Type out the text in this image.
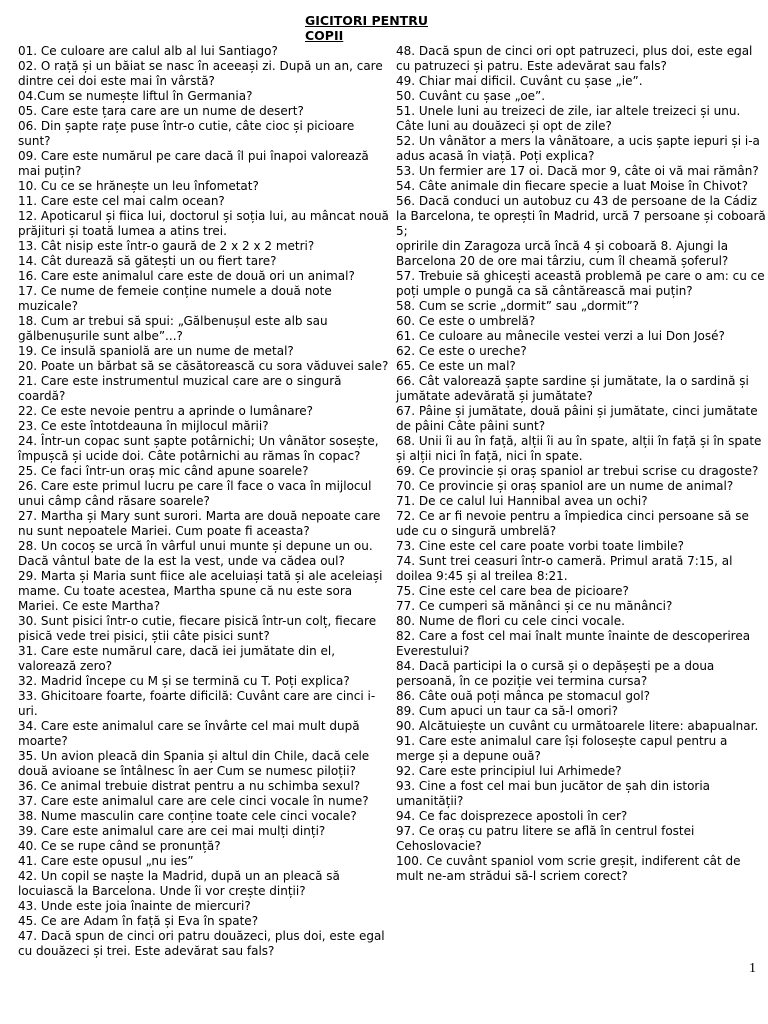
GICITORI PENTRU
COPII

01. Ce culoare are calul alb al lui Santiago?

02. O rață și un băiat se nasc în aceeași zi. După un an, care dintre cei doi este mai în vârstă?

04.Cum se numește liftul în Germania?

05. Care este țara care are un nume de desert?

06. Din șapte rațe puse într-o cutie, câte cioc și picioare sunt?

09. Care este numărul pe care dacă îl pui înapoi valorează mai puțin?

10. Cu ce se hrănește un leu înfometat?

11. Care este cel mai calm ocean?

12. Apoticarul și fiica lui, doctorul și soția lui, au mâncat nouă prăjituri și toată lumea a atins trei.

13. Cât nisip este într-o gaură de 2 x 2 x 2 metri?

14. Cât durează să gătești un ou fiert tare?

16. Care este animalul care este de două ori un animal?

17. Ce nume de femeie conține numele a două note muzicale?

18. Cum ar trebui să spui: „Gălbenușul este alb sau gălbenușurile sunt albe”...?

19. Ce insulă spaniolă are un nume de metal?

20. Poate un bărbat să se căsătorească cu sora văduvei sale?

21. Care este instrumentul muzical care are o singură coardă?

22. Ce este nevoie pentru a aprinde o lumânare?

23. Ce este întotdeauna în mijlocul mării?

24. Într-un copac sunt șapte potârnichi; Un vânător sosește, împușcă și ucide doi. Câte potârnichi au rămas în copac?

25. Ce faci într-un oraș mic când apune soarele?

26. Care este primul lucru pe care îl face o vaca în mijlocul unui câmp când răsare soarele?

27. Martha și Mary sunt surori. Marta are două nepoate care nu sunt nepoatele Mariei. Cum poate fi aceasta?

28. Un cocoș se urcă în vârful unui munte și depune un ou. Dacă vântul bate de la est la vest, unde va cădea oul?

29. Marta și Maria sunt fiice ale aceluiași tată și ale aceleiași mame. Cu toate acestea, Martha spune că nu este sora Mariei. Ce este Martha?

30. Sunt pisici într-o cutie, fiecare pisică într-un colț, fiecare pisică vede trei pisici, știi câte pisici sunt?

31. Care este numărul care, dacă iei jumătate din el, valorează zero?

32. Madrid începe cu M și se termină cu T. Poți explica?

33. Ghicitoare foarte, foarte dificilă: Cuvânt care are cinci i-uri.

34. Care este animalul care se învârte cel mai mult după moarte?

35. Un avion pleacă din Spania și altul din Chile, dacă cele două avioane se întâlnesc în aer Cum se numesc piloții?

36. Ce animal trebuie distrat pentru a nu schimba sexul?

37. Care este animalul care are cele cinci vocale în nume?

38. Nume masculin care conține toate cele cinci vocale?

39. Care este animalul care are cei mai mulți dinți?

40. Ce se rupe când se pronunță?

41. Care este opusul „nu ies”

42. Un copil se naște la Madrid, după un an pleacă să locuiască la Barcelona. Unde îi vor crește dinții?

43. Unde este joia înainte de miercuri?

45. Ce are Adam în față și Eva în spate?

47. Dacă spun de cinci ori patru douăzeci, plus doi, este egal cu douăzeci și trei. Este adevărat sau fals?

48. Dacă spun de cinci ori opt patruzeci, plus doi, este egal cu patruzeci și patru. Este adevărat sau fals?

49. Chiar mai dificil. Cuvânt cu șase „ie”.

50. Cuvânt cu șase „oe”.

51. Unele luni au treizeci de zile, iar altele treizeci și unu. Câte luni au douăzeci și opt de zile?

52. Un vânător a mers la vânătoare, a ucis șapte iepuri și i-a adus acasă în viață. Poți explica?

53. Un fermier are 17 oi. Dacă mor 9, câte oi vă mai rămân?

54. Câte animale din fiecare specie a luat Moise în Chivot?

56. Dacă conduci un autobuz cu 43 de persoane de la Cádiz la Barcelona, te oprești în Madrid, urcă 7 persoane și coboară 5;

opririle din Zaragoza urcă încă 4 și coboară 8. Ajungi la Barcelona 20 de ore mai târziu, cum îl cheamă șoferul?

57. Trebuie să ghicești această problemă pe care o am: cu ce poți umple o pungă ca să cântărească mai puțin?

58. Cum se scrie „dormit” sau „dormit”?

60. Ce este o umbrelă?

61. Ce culoare au mânecile vestei verzi a lui Don José?

62. Ce este o ureche?

65. Ce este un mal?

66. Cât valorează șapte sardine și jumătate, la o sardină și jumătate adevărată și jumătate?

67. Pâine și jumătate, două pâini și jumătate, cinci jumătate de pâini Câte pâini sunt?

68. Unii îi au în față, alții îi au în spate, alții în față și în spate și alții nici în față, nici în spate.

69. Ce provincie și oraș spaniol ar trebui scrise cu dragoste?

70. Ce provincie și oraș spaniol are un nume de animal?

71. De ce calul lui Hannibal avea un ochi?

72. Ce ar fi nevoie pentru a împiedica cinci persoane să se ude cu o singură umbrelă?

73. Cine este cel care poate vorbi toate limbile?

74. Sunt trei ceasuri într-o cameră. Primul arată 7:15, al doilea 9:45 și al treilea 8:21.

75. Cine este cel care bea de picioare?

77. Ce cumperi să mănânci și ce nu mănânci?

80. Nume de flori cu cele cinci vocale.

82. Care a fost cel mai înalt munte înainte de descoperirea Everestului?

84. Dacă participi la o cursă și o depășești pe a doua persoană, în ce poziție vei termina cursa?

86. Câte ouă poți mânca pe stomacul gol?

89. Cum apuci un taur ca să-l omori?

90. Alcătuiește un cuvânt cu următoarele litere: abapualnar.

91. Care este animalul care își folosește capul pentru a merge și a depune ouă?

92. Care este principiul lui Arhimede?

93. Cine a fost cel mai bun jucător de șah din istoria umanității?

94. Ce fac doisprezece apostoli în cer?

97. Ce oraș cu patru litere se află în centrul fostei Cehoslovacie?

100. Ce cuvânt spaniol vom scrie greșit, indiferent cât de mult ne-am strădui să-l scriem corect?

1
